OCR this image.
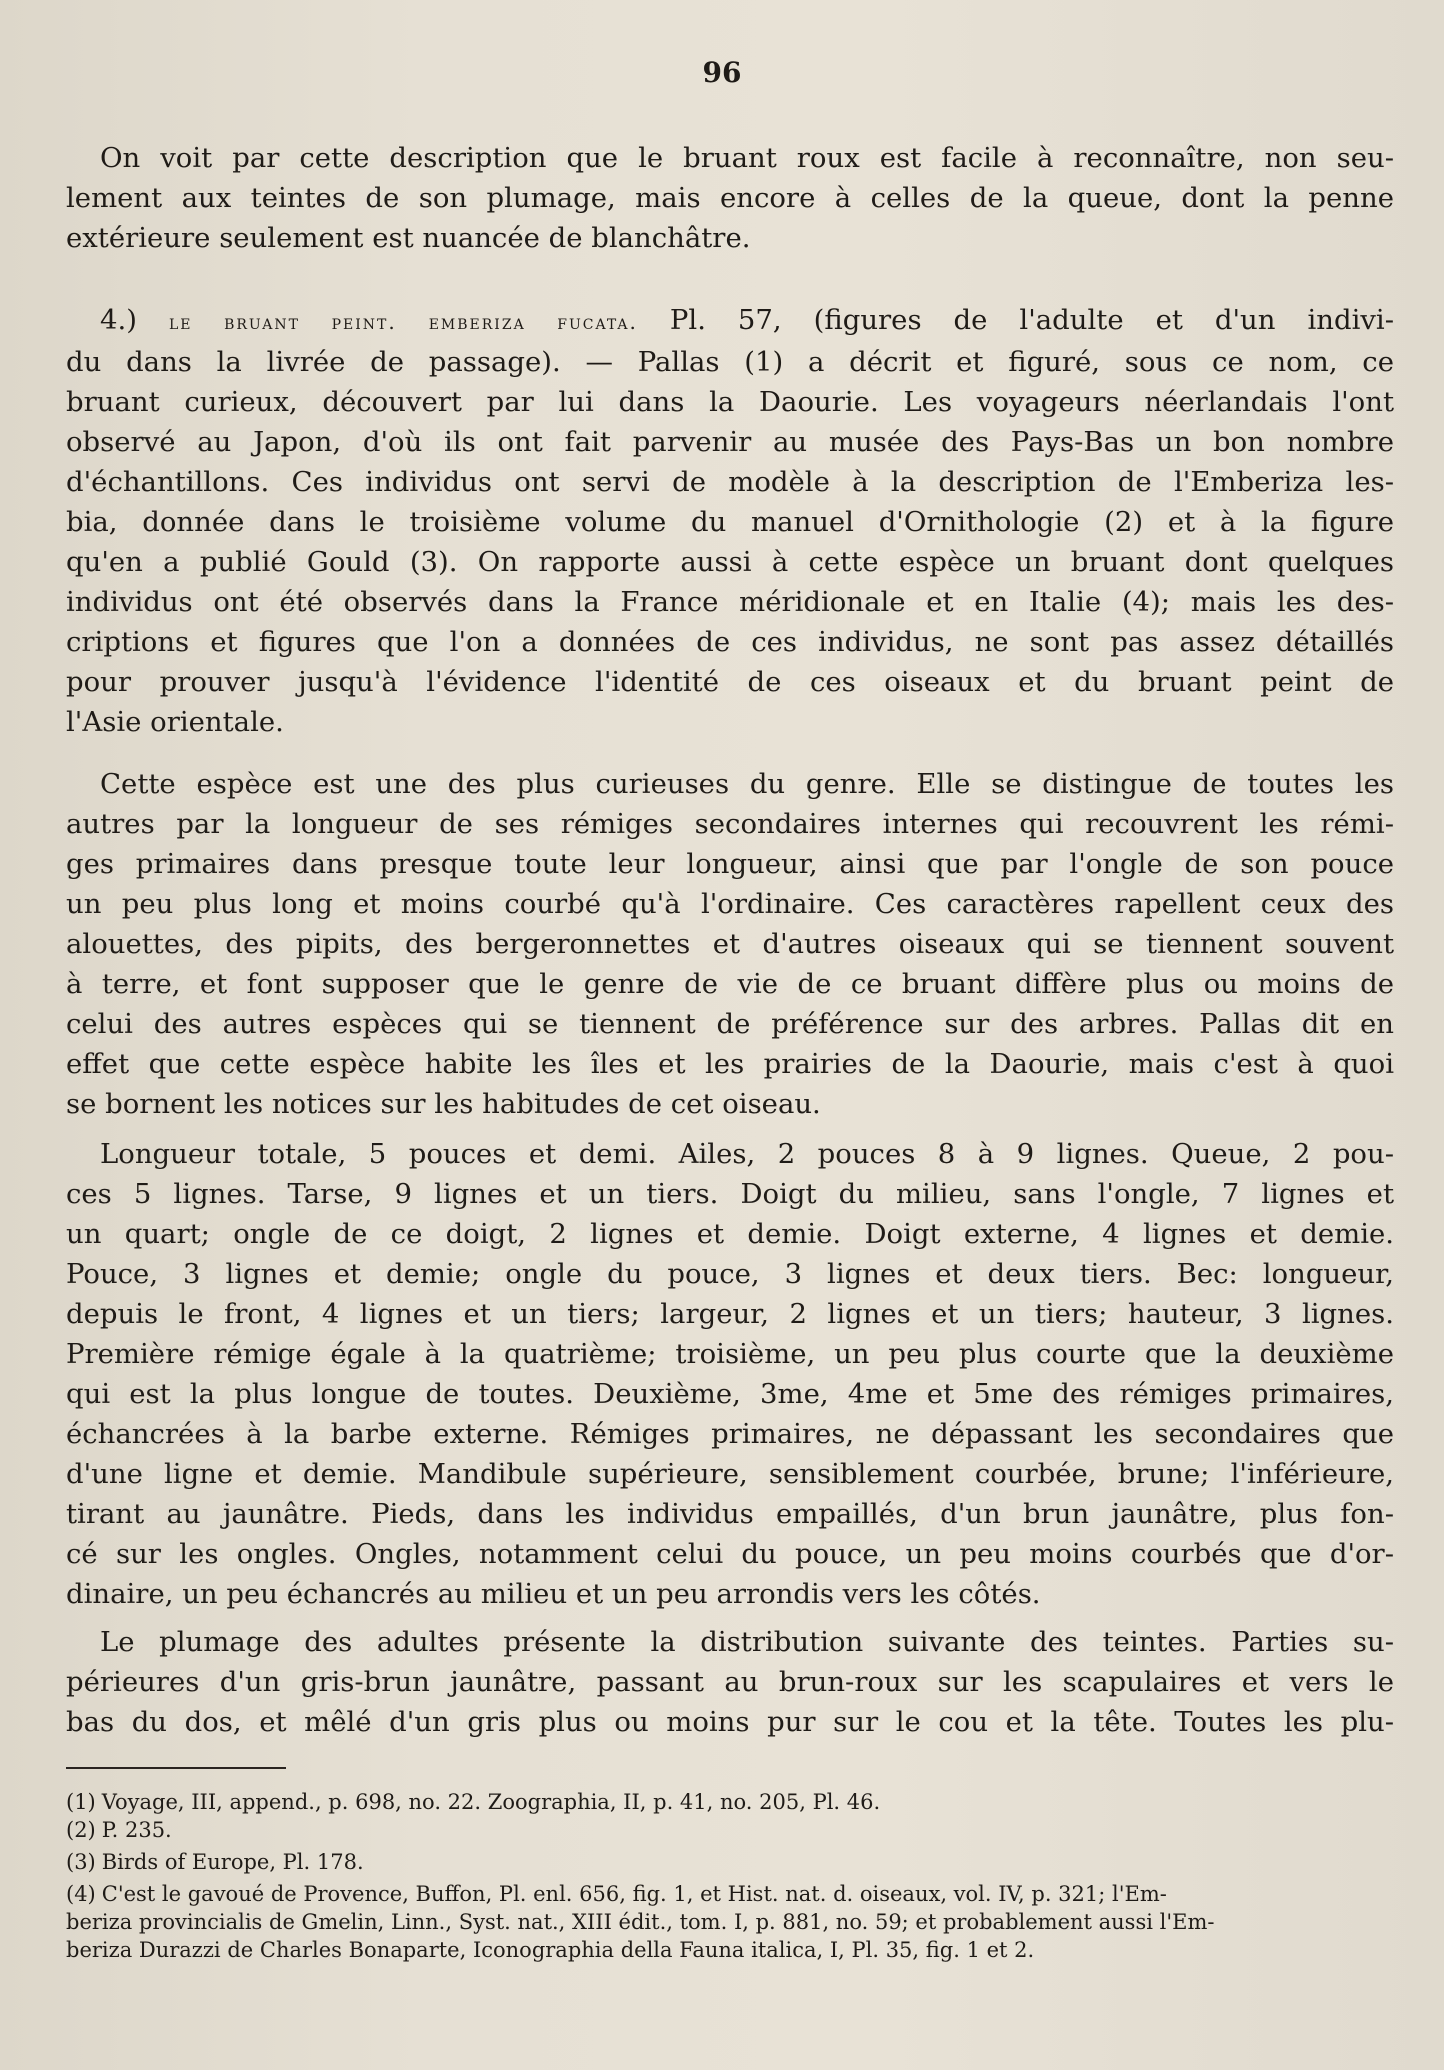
96
On voit par cette description que le bruant roux est facile à reconnaître, non seu-
lement aux teintes de son plumage, mais encore à celles de la queue, dont la penne
extérieure seulement est nuancée de blanchâtre.
4.) le bruant peint. emberiza fucata. Pl. 57, (figures de l'adulte et d'un indivi-
du dans la livrée de passage). — Pallas (1) a décrit et figuré, sous ce nom, ce
bruant curieux, découvert par lui dans la Daourie. Les voyageurs néerlandais l'ont
observé au Japon, d'où ils ont fait parvenir au musée des Pays-Bas un bon nombre
d'échantillons. Ces individus ont servi de modèle à la description de l'Emberiza les-
bia, donnée dans le troisième volume du manuel d'Ornithologie (2) et à la figure
qu'en a publié Gould (3). On rapporte aussi à cette espèce un bruant dont quelques
individus ont été observés dans la France méridionale et en Italie (4); mais les des-
criptions et figures que l'on a données de ces individus, ne sont pas assez détaillés
pour prouver jusqu'à l'évidence l'identité de ces oiseaux et du bruant peint de
l'Asie orientale.
Cette espèce est une des plus curieuses du genre. Elle se distingue de toutes les
autres par la longueur de ses rémiges secondaires internes qui recouvrent les rémi-
ges primaires dans presque toute leur longueur, ainsi que par l'ongle de son pouce
un peu plus long et moins courbé qu'à l'ordinaire. Ces caractères rapellent ceux des
alouettes, des pipits, des bergeronnettes et d'autres oiseaux qui se tiennent souvent
à terre, et font supposer que le genre de vie de ce bruant diffère plus ou moins de
celui des autres espèces qui se tiennent de préférence sur des arbres. Pallas dit en
effet que cette espèce habite les îles et les prairies de la Daourie, mais c'est à quoi
se bornent les notices sur les habitudes de cet oiseau.
Longueur totale, 5 pouces et demi. Ailes, 2 pouces 8 à 9 lignes. Queue, 2 pou-
ces 5 lignes. Tarse, 9 lignes et un tiers. Doigt du milieu, sans l'ongle, 7 lignes et
un quart; ongle de ce doigt, 2 lignes et demie. Doigt externe, 4 lignes et demie.
Pouce, 3 lignes et demie; ongle du pouce, 3 lignes et deux tiers. Bec: longueur,
depuis le front, 4 lignes et un tiers; largeur, 2 lignes et un tiers; hauteur, 3 lignes.
Première rémige égale à la quatrième; troisième, un peu plus courte que la deuxième
qui est la plus longue de toutes. Deuxième, 3me, 4me et 5me des rémiges primaires,
échancrées à la barbe externe. Rémiges primaires, ne dépassant les secondaires que
d'une ligne et demie. Mandibule supérieure, sensiblement courbée, brune; l'inférieure,
tirant au jaunâtre. Pieds, dans les individus empaillés, d'un brun jaunâtre, plus fon-
cé sur les ongles. Ongles, notamment celui du pouce, un peu moins courbés que d'or-
dinaire, un peu échancrés au milieu et un peu arrondis vers les côtés.
Le plumage des adultes présente la distribution suivante des teintes. Parties su-
périeures d'un gris-brun jaunâtre, passant au brun-roux sur les scapulaires et vers le
bas du dos, et mêlé d'un gris plus ou moins pur sur le cou et la tête. Toutes les plu-

(1) Voyage, III, append., p. 698, no. 22. Zoographia, II, p. 41, no. 205, Pl. 46.

(2) P. 235.

(3) Birds of Europe, Pl. 178.

(4) C'est le gavoué de Provence, Buffon, Pl. enl. 656, fig. 1, et Hist. nat. d. oiseaux, vol. IV, p. 321; l'Em-

beriza provincialis de Gmelin, Linn., Syst. nat., XIII édit., tom. I, p. 881, no. 59; et probablement aussi l'Em-

beriza Durazzi de Charles Bonaparte, Iconographia della Fauna italica, I, Pl. 35, fig. 1 et 2.
